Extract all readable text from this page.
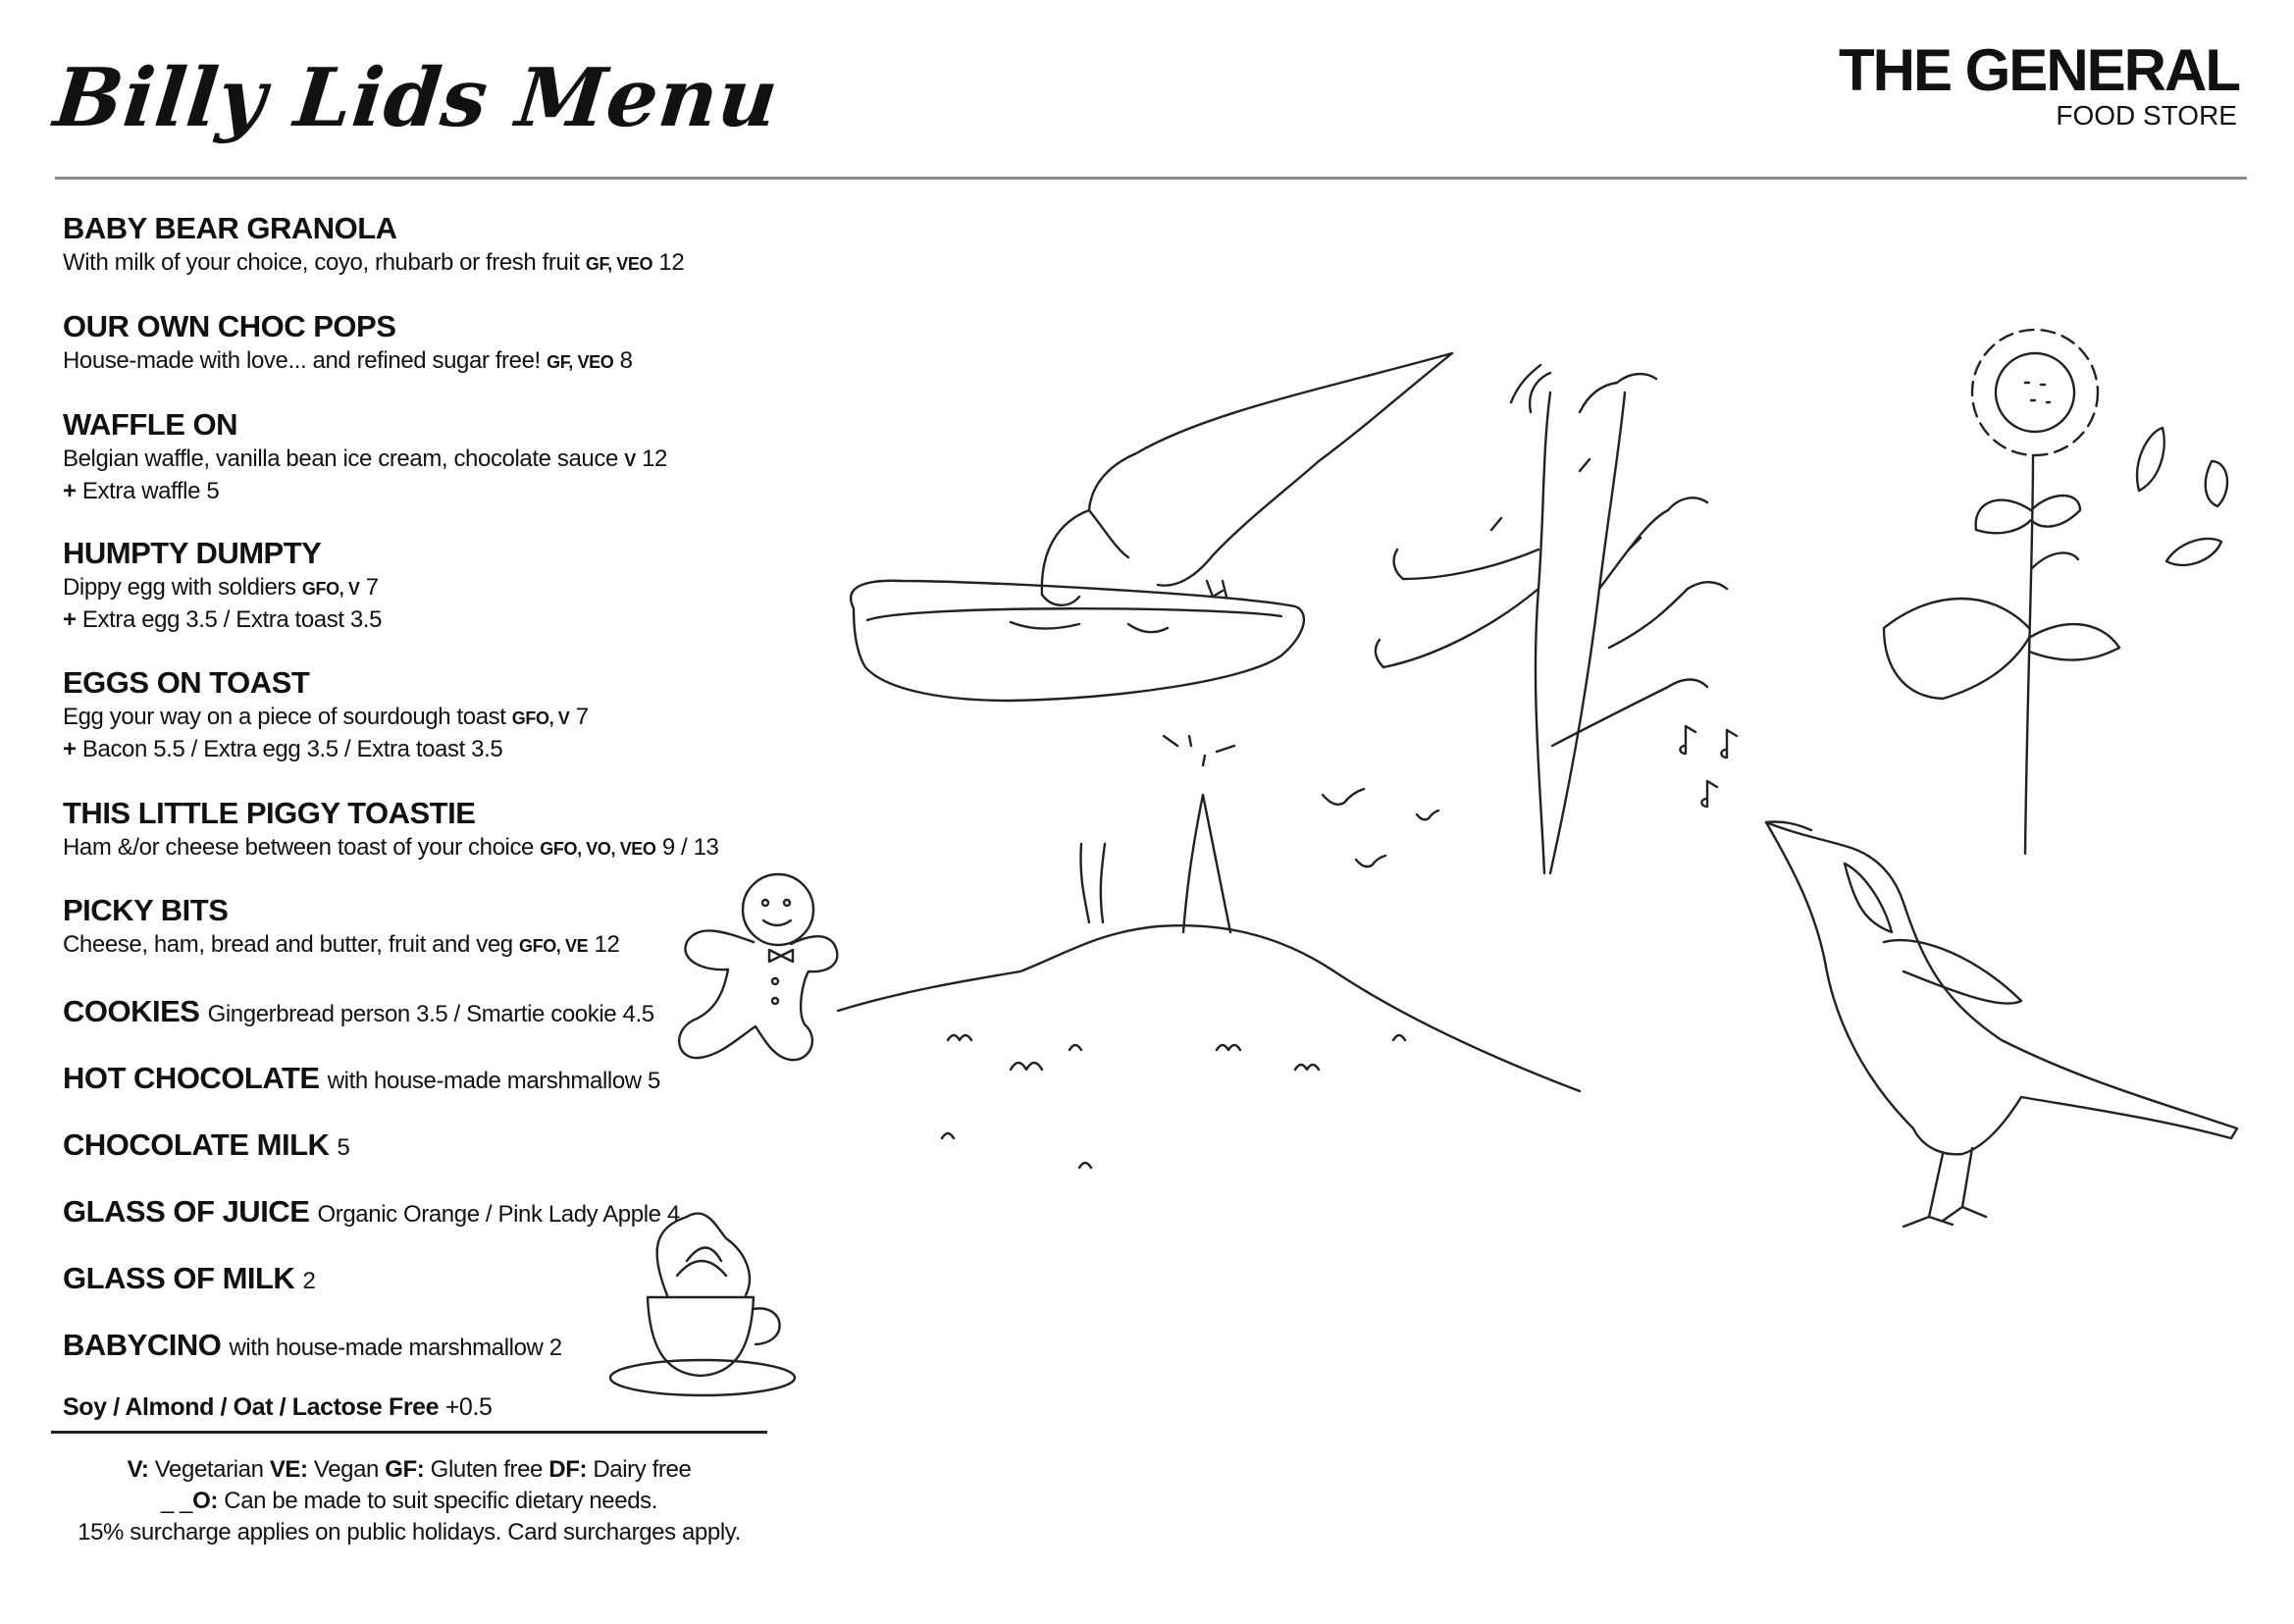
Billy Lids Menu	THE GENERAL
FOOD STORE
BABY BEAR GRANOLA
With milk of your choice, coyo, rhubarb or fresh fruit GF, VEO 12
OUR OWN CHOC POPS
House-made with love... and refined sugar free! GF, VEO 8
WAFFLE ON
Belgian waffle, vanilla bean ice cream, chocolate sauce V 12
+ Extra waffle 5
HUMPTY DUMPTY
Dippy egg with soldiers GFO, V 7
+ Extra egg 3.5 / Extra toast 3.5
EGGS ON TOAST
Egg your way on a piece of sourdough toast GFO, V 7
+ Bacon 5.5 / Extra egg 3.5 / Extra toast 3.5
THIS LITTLE PIGGY TOASTIE
Ham &/or cheese between toast of your choice GFO, VO, VEO 9 / 13
PICKY BITS
Cheese, ham, bread and butter, fruit and veg GFO, VE 12
COOKIES Gingerbread person 3.5 / Smartie cookie 4.5
HOT CHOCOLATE with house-made marshmallow 5
CHOCOLATE MILK 5
GLASS OF JUICE Organic Orange / Pink Lady Apple 4
GLASS OF MILK 2
BABYCINO with house-made marshmallow 2
Soy / Almond / Oat / Lactose Free +0.5
V: Vegetarian VE: Vegan GF: Gluten free DF: Dairy free
_ _O: Can be made to suit specific dietary needs.
15% surcharge applies on public holidays. Card surcharges apply.
